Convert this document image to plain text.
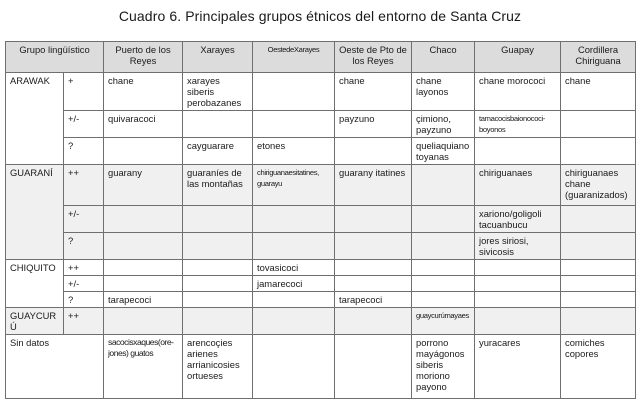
Cuadro 6. Principales grupos étnicos del entorno de Santa Cruz
Grupo lingüístico		Puerto de los Reyes	Xarayes	OestedeXarayes	Oeste de Pto de los Reyes	Chaco	Guapay	Cordillera Chiriguana
ARAWAK	+	chane	xarayes siberis perobazanes		chane	chane layonos	chane morococi	chane
	+/-	quivaracoci			payzuno	çimiono, payzuno	tamacocisbaionococi-boyonos	
	?		cayguarare	etones		queliaquiano toyanas		
GUARANÍ	++	guarany	guaraníes de las montañas	chiriguanaesitatines, guarayu	guarany itatines		chiriguanaes	chiriguanaes chane (guaranizados)
	+/-						xariono/goligoli tacuanbucu	
	?						jores siriosi, sivicosis	
CHIQUITO	++			tovasicoci				
	+/-			jamarecoci				
	?	tarapecoci			tarapecoci			
GUAYCURÚ	++					guaycurúmayaes		
Sin datos		sacocisxaques(ore-jones) guatos	arencoçies arienes arrianicosies ortueses			porrono mayágonos siberis moriono payono	yuracares	comiches copores
